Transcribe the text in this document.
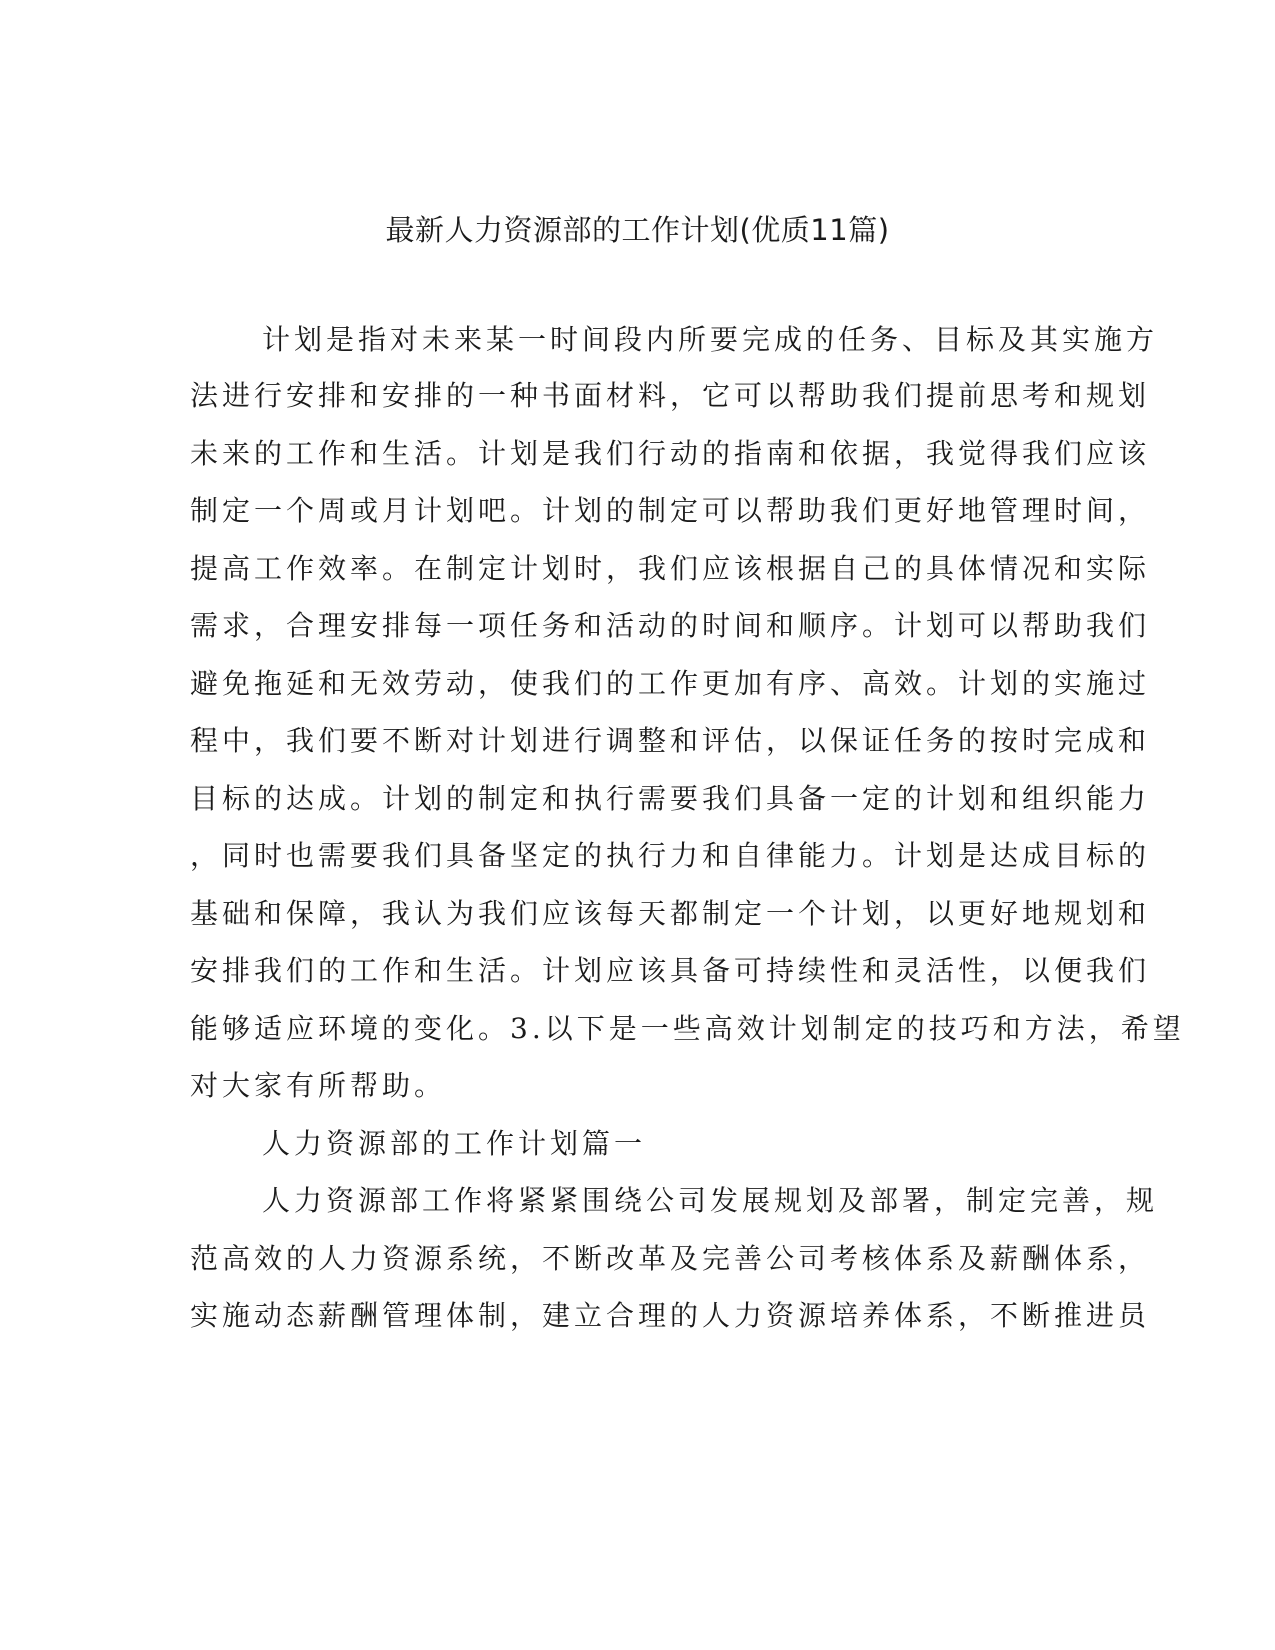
最新人力资源部的工作计划(优质11篇)

计划是指对未来某一时间段内所要完成的任务、目标及其实施方

法进行安排和安排的一种书面材料，它可以帮助我们提前思考和规划

未来的工作和生活。计划是我们行动的指南和依据，我觉得我们应该

制定一个周或月计划吧。计划的制定可以帮助我们更好地管理时间，

提高工作效率。在制定计划时，我们应该根据自己的具体情况和实际

需求，合理安排每一项任务和活动的时间和顺序。计划可以帮助我们

避免拖延和无效劳动，使我们的工作更加有序、高效。计划的实施过

程中，我们要不断对计划进行调整和评估，以保证任务的按时完成和

目标的达成。计划的制定和执行需要我们具备一定的计划和组织能力

，同时也需要我们具备坚定的执行力和自律能力。计划是达成目标的

基础和保障，我认为我们应该每天都制定一个计划，以更好地规划和

安排我们的工作和生活。计划应该具备可持续性和灵活性，以便我们

能够适应环境的变化。3.以下是一些高效计划制定的技巧和方法，希望

对大家有所帮助。

人力资源部的工作计划篇一

人力资源部工作将紧紧围绕公司发展规划及部署，制定完善，规

范高效的人力资源系统，不断改革及完善公司考核体系及薪酬体系，

实施动态薪酬管理体制，建立合理的人力资源培养体系，不断推进员
